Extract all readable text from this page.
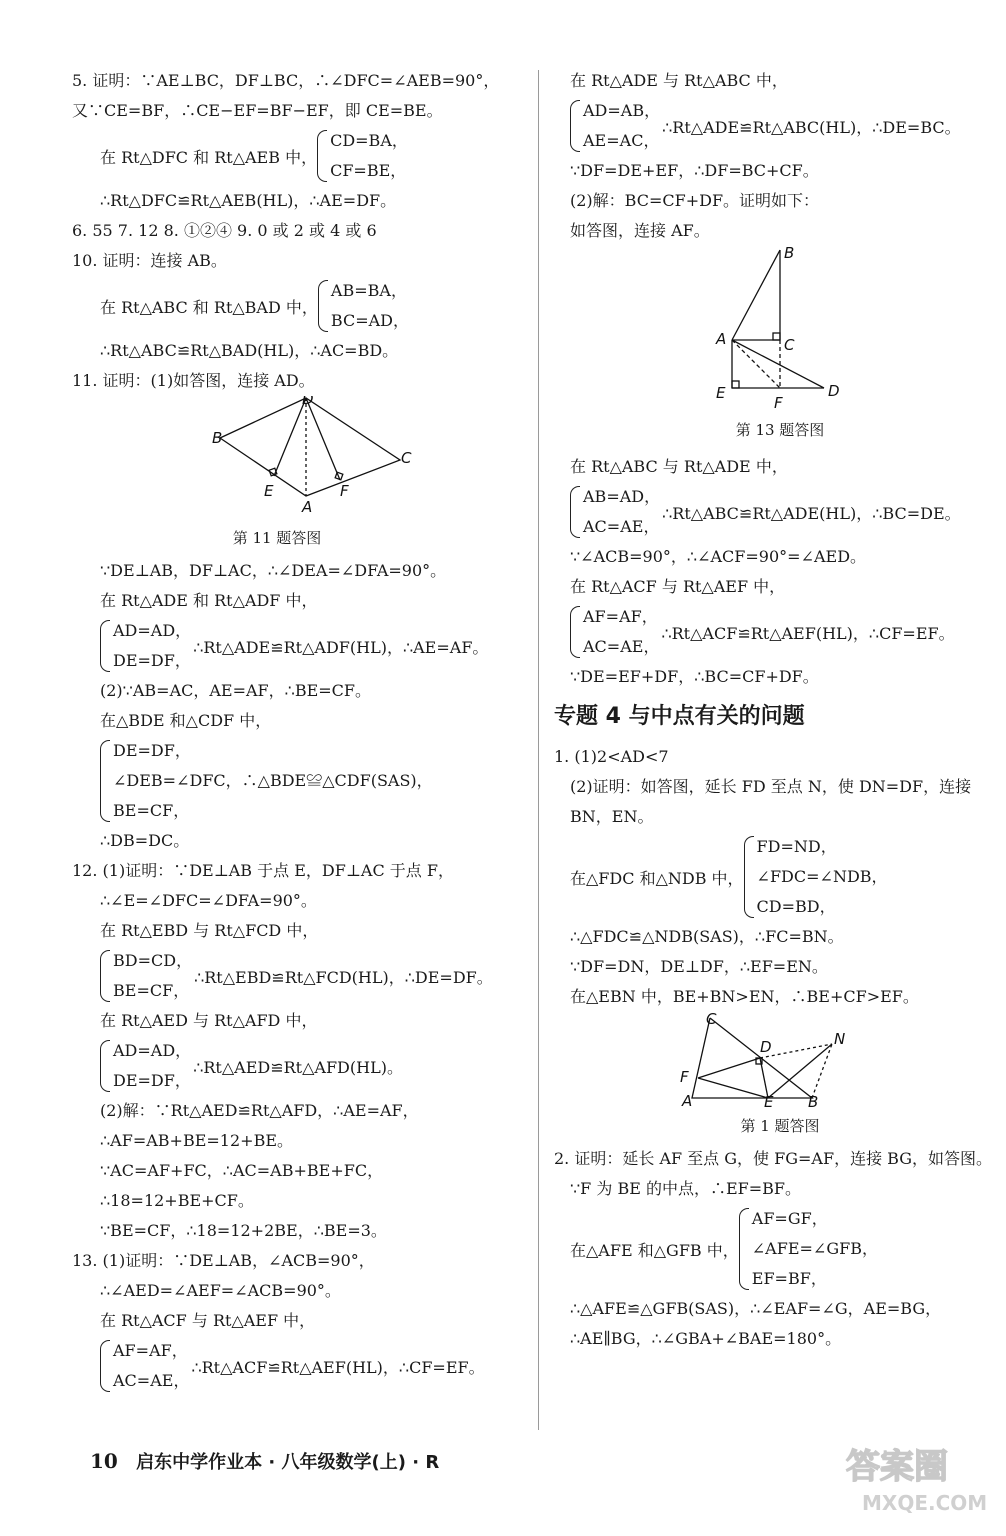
5. 证明：∵AE⊥BC，DF⊥BC，∴∠DFC=∠AEB=90°，
又∵CE=BF，∴CE−EF=BF−EF，即 CE=BE。
在 Rt△DFC 和 Rt△AEB 中，
CD=BA，
CF=BE，
∴Rt△DFC≌Rt△AEB(HL)，∴AE=DF。
6. 55 7. 12 8. ①②④ 9. 0 或 2 或 4 或 6
10. 证明：连接 AB。
在 Rt△ABC 和 Rt△BAD 中，
AB=BA，
BC=AD，
∴Rt△ABC≌Rt△BAD(HL)，∴AC=BD。
11. 证明：(1)如答图，连接 AD。
B
C
D
E
A
F
第 11 题答图
∵DE⊥AB，DF⊥AC，∴∠DEA=∠DFA=90°。
在 Rt△ADE 和 Rt△ADF 中，
AD=AD，
DE=DF，
∴Rt△ADE≌Rt△ADF(HL)，∴AE=AF。
(2)∵AB=AC，AE=AF，∴BE=CF。
在△BDE 和△CDF 中，
DE=DF，
∠DEB=∠DFC，∴△BDE≌△CDF(SAS)，
BE=CF，
∴DB=DC。
12. (1)证明：∵DE⊥AB 于点 E，DF⊥AC 于点 F，
∴∠E=∠DFC=∠DFA=90°。
在 Rt△EBD 与 Rt△FCD 中，
BD=CD，
BE=CF，
∴Rt△EBD≌Rt△FCD(HL)，∴DE=DF。
在 Rt△AED 与 Rt△AFD 中，
AD=AD，
DE=DF，
∴Rt△AED≌Rt△AFD(HL)。
(2)解：∵Rt△AED≌Rt△AFD，∴AE=AF，
∴AF=AB+BE=12+BE。
∵AC=AF+FC，∴AC=AB+BE+FC，
∴18=12+BE+CF。
∵BE=CF，∴18=12+2BE，∴BE=3。
13. (1)证明：∵DE⊥AB，∠ACB=90°，
∴∠AED=∠AEF=∠ACB=90°。
在 Rt△ACF 与 Rt△AEF 中，
AF=AF，
AC=AE，
∴Rt△ACF≌Rt△AEF(HL)，∴CF=EF。
在 Rt△ADE 与 Rt△ABC 中，
AD=AB，
AE=AC，
∴Rt△ADE≌Rt△ABC(HL)，∴DE=BC。
∵DF=DE+EF，∴DF=BC+CF。
(2)解：BC=CF+DF。证明如下：
如答图，连接 AF。
B
A	C
E
F
D
第 13 题答图
在 Rt△ABC 与 Rt△ADE 中，
AB=AD，
AC=AE，
∴Rt△ABC≌Rt△ADE(HL)，∴BC=DE。
∵∠ACB=90°，∴∠ACF=90°=∠AED。
在 Rt△ACF 与 Rt△AEF 中，
AF=AF，
AC=AE，
∴Rt△ACF≌Rt△AEF(HL)，∴CF=EF。
∵DE=EF+DF，∴BC=CF+DF。
专题 4 与中点有关的问题
1. (1)2<AD<7
(2)证明：如答图，延长 FD 至点 N，使 DN=DF，连接
BN，EN。
在△FDC 和△NDB 中，
FD=ND，
∠FDC=∠NDB，
CD=BD，
∴△FDC≌△NDB(SAS)，∴FC=BN。
∵DF=DN，DE⊥DF，∴EF=EN。
在△EBN 中，BE+BN>EN，∴BE+CF>EF。
C
D	N
F
A	E B
第 1 题答图
2. 证明：延长 AF 至点 G，使 FG=AF，连接 BG，如答图。
∵F 为 BE 的中点，∴EF=BF。
在△AFE 和△GFB 中，
AF=GF，
∠AFE=∠GFB，
EF=BF，
∴△AFE≌△GFB(SAS)，∴∠EAF=∠G，AE=BG，
∴AE∥BG，∴∠GBA+∠BAE=180°。
10 启东中学作业本 · 八年级数学(上) · R	答案圈
MXQE.COM
